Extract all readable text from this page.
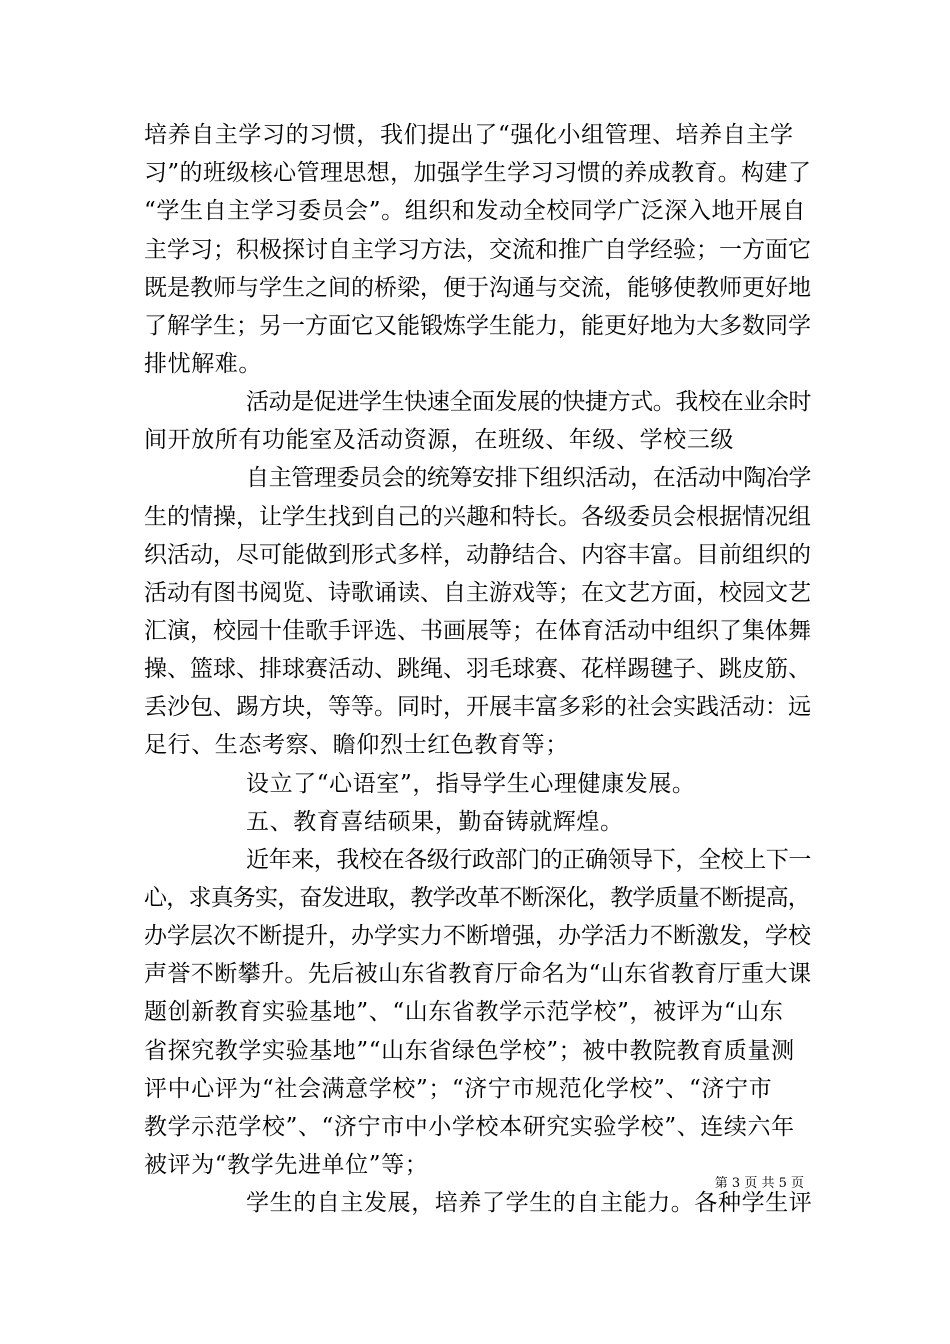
培养自主学习的习惯，我们提出了“强化小组管理、培养自主学
习”的班级核心管理思想，加强学生学习习惯的养成教育。构建了
“学生自主学习委员会”。组织和发动全校同学广泛深入地开展自
主学习；积极探讨自主学习方法，交流和推广自学经验；一方面它
既是教师与学生之间的桥梁，便于沟通与交流，能够使教师更好地
了解学生；另一方面它又能锻炼学生能力，能更好地为大多数同学
排忧解难。
活动是促进学生快速全面发展的快捷方式。我校在业余时
间开放所有功能室及活动资源，在班级、年级、学校三级
自主管理委员会的统筹安排下组织活动，在活动中陶冶学
生的情操，让学生找到自己的兴趣和特长。各级委员会根据情况组
织活动，尽可能做到形式多样，动静结合、内容丰富。目前组织的
活动有图书阅览、诗歌诵读、自主游戏等；在文艺方面，校园文艺
汇演，校园十佳歌手评选、书画展等；在体育活动中组织了集体舞
操、篮球、排球赛活动、跳绳、羽毛球赛、花样踢毽子、跳皮筋、
丢沙包、踢方块，等等。同时，开展丰富多彩的社会实践活动：远
足行、生态考察、瞻仰烈士红色教育等；
设立了“心语室”，指导学生心理健康发展。
五、教育喜结硕果，勤奋铸就辉煌。
近年来，我校在各级行政部门的正确领导下，全校上下一
心，求真务实，奋发进取，教学改革不断深化，教学质量不断提高，
办学层次不断提升，办学实力不断增强，办学活力不断激发，学校
声誉不断攀升。先后被山东省教育厅命名为“山东省教育厅重大课
题创新教育实验基地”、“山东省教学示范学校”，被评为“山东
省探究教学实验基地”“山东省绿色学校”；被中教院教育质量测
评中心评为“社会满意学校”；“济宁市规范化学校”、“济宁市
教学示范学校”、“济宁市中小学校本研究实验学校”、连续六年
被评为“教学先进单位”等；
学生的自主发展，培养了学生的自主能力。各种学生评
第 3 页 共 5 页
